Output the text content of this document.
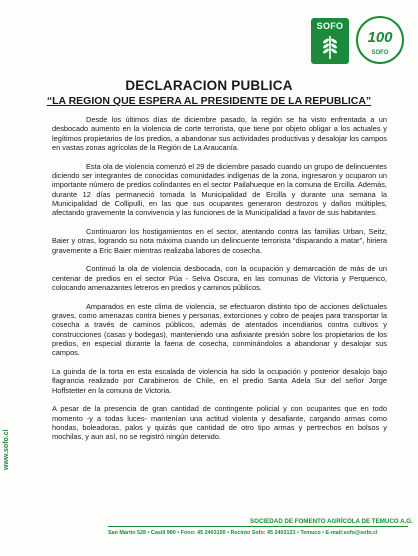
SOFO
100
SOFO
DECLARACION PUBLICA
“LA REGION QUE ESPERA AL PRESIDENTE DE LA REPUBLICA”

Desde los últimos días de diciembre pasado, la región se ha visto enfrentada a un desbocado aumento en la violencia de corte terrorista, que tiene por objeto obligar a los actuales y legítimos propietarios de los predios, a abandonar sus actividades productivas y desalojar los campos en vastas zonas agrícolas de la Región de La Araucanía.

Esta ola de violencia comenzó el 29 de diciembre pasado cuando un grupo de delincuentes diciendo ser integrantes de conocidas comunidades indígenas de la zona, ingresaron y ocuparon un importante número de predios colindantes en el sector Pailahueque en la comuna de Ercilla. Además, durante 12 días permaneció tomada la Municipalidad de Ercilla y durante una semana la Municipalidad de Collipulli, en las que sus ocupantes generaron destrozos y daños múltiples, afectando gravemente la convivencia y las funciones de la Municipalidad a favor de sus habitantes.

Continuaron los hostigamientos en el sector, atentando contra las familias Urban, Seitz, Baier y otras, logrando su nota máxima cuando un delincuente terrorista “disparando a matar”, hiriera gravemente a Eric Baier mientras realizaba labores de cosecha.

Continuó la ola de violencia desbocada, con la ocupación y demarcación de más de un centenar de predios en el sector Púa - Selva Oscura, en las comunas de Victoria y Perquenco, colocando amenazantes letreros en predios y caminos públicos.

Amparados en este clima de violencia, se efectuaron distinto tipo de acciones delictuales graves, como amenazas contra bienes y personas, extorciones y cobro de peajes para transportar la cosecha a través de caminos públicos, además de atentados incendiarios contra cultivos y construcciones (casas y bodegas), manteniendo una asfixiante presión sobre los propietarios de los predios, en especial durante la faena de cosecha, conminándolos a abandonar y desalojar sus campos.

La guinda de la torta en esta escalada de violencia ha sido la ocupación y posterior desalojo bajo flagrancia realizado por Carabineros de Chile, en el predio Santa Adela Sur del señor Jorge Hoffstetter en la comuna de Victoria.

A pesar de la presencia de gran cantidad de contingente policial y con ocupantes que en todo momento -y a todas luces- mantenían una actitud violenta y desafiante, cargando armas como hondas, boleadoras, palos y quizás que cantidad de otro tipo armas y pertrechos en bolsos y mochilas, y aun así, no se registró ningún detenido.

www.sofo.cl
SOCIEDAD DE FOMENTO AGRÍCOLA DE TEMUCO A.G.
San Martín 528 • Casill 980 • Fono: 45 2403100 • Recinto Sofo: 45 2403123 • Temuco • E-mail:sofo@sofo.cl
